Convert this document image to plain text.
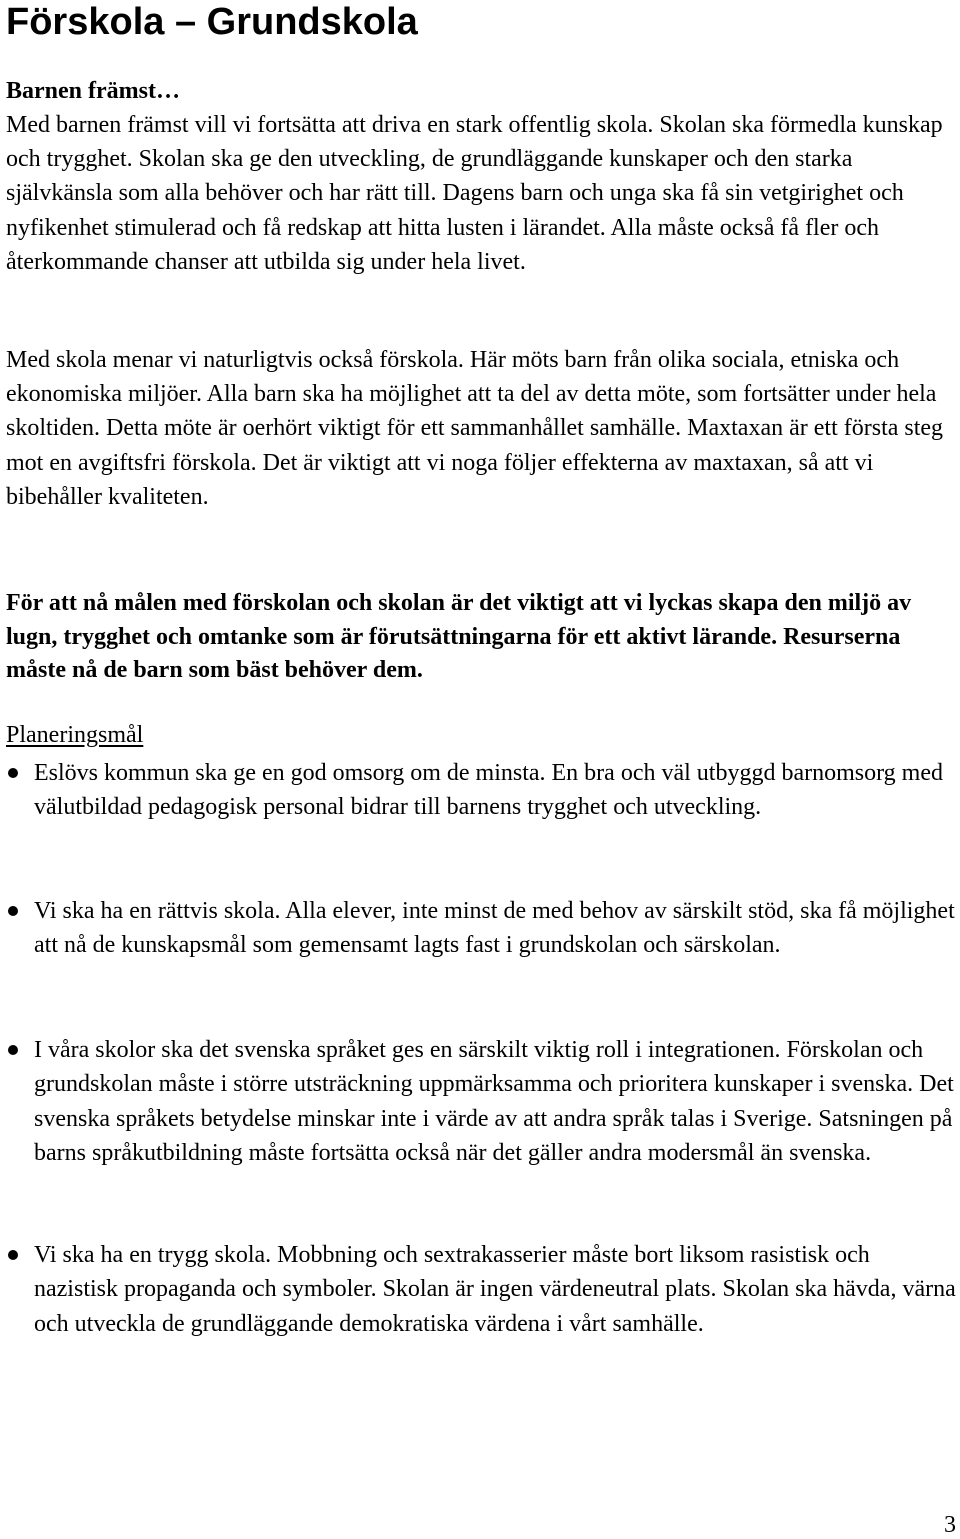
Förskola – Grundskola

Barnen främst…

Med barnen främst vill vi fortsätta att driva en stark offentlig skola. Skolan ska förmedla kunskap och trygghet. Skolan ska ge den utveckling, de grundläggande kunskaper och den starka självkänsla som alla behöver och har rätt till. Dagens barn och unga ska få sin vetgirighet och nyfikenhet stimulerad och få redskap att hitta lusten i lärandet. Alla måste också få fler och återkommande chanser att utbilda sig under hela livet.

Med skola menar vi naturligtvis också förskola. Här möts barn från olika sociala, etniska och ekonomiska miljöer. Alla barn ska ha möjlighet att ta del av detta möte, som fortsätter under hela skoltiden. Detta möte är oerhört viktigt för ett sammanhållet samhälle. Maxtaxan är ett första steg mot en avgiftsfri förskola. Det är viktigt att vi noga följer effekterna av maxtaxan, så att vi bibehåller kvaliteten.

För att nå målen med förskolan och skolan är det viktigt att vi lyckas skapa den miljö av lugn, trygghet och omtanke som är förutsättningarna för ett aktivt lärande. Resurserna måste nå de barn som bäst behöver dem.

Planeringsmål

Eslövs kommun ska ge en god omsorg om de minsta. En bra och väl utbyggd barnomsorg med välutbildad pedagogisk personal bidrar till barnens trygghet och utveckling.

Vi ska ha en rättvis skola. Alla elever, inte minst de med behov av särskilt stöd, ska få möjlighet att nå de kunskapsmål som gemensamt lagts fast i grundskolan och särskolan.

I våra skolor ska det svenska språket ges en särskilt viktig roll i integrationen. Förskolan och grundskolan måste i större utsträckning uppmärksamma och prioritera kunskaper i svenska. Det svenska språkets betydelse minskar inte i värde av att andra språk talas i Sverige. Satsningen på barns språkutbildning måste fortsätta också när det gäller andra modersmål än svenska.

Vi ska ha en trygg skola. Mobbning och sextrakasserier måste bort liksom rasistisk och nazistisk propaganda och symboler. Skolan är ingen värdeneutral plats. Skolan ska hävda, värna och utveckla de grundläggande demokratiska värdena i vårt samhälle.

3
